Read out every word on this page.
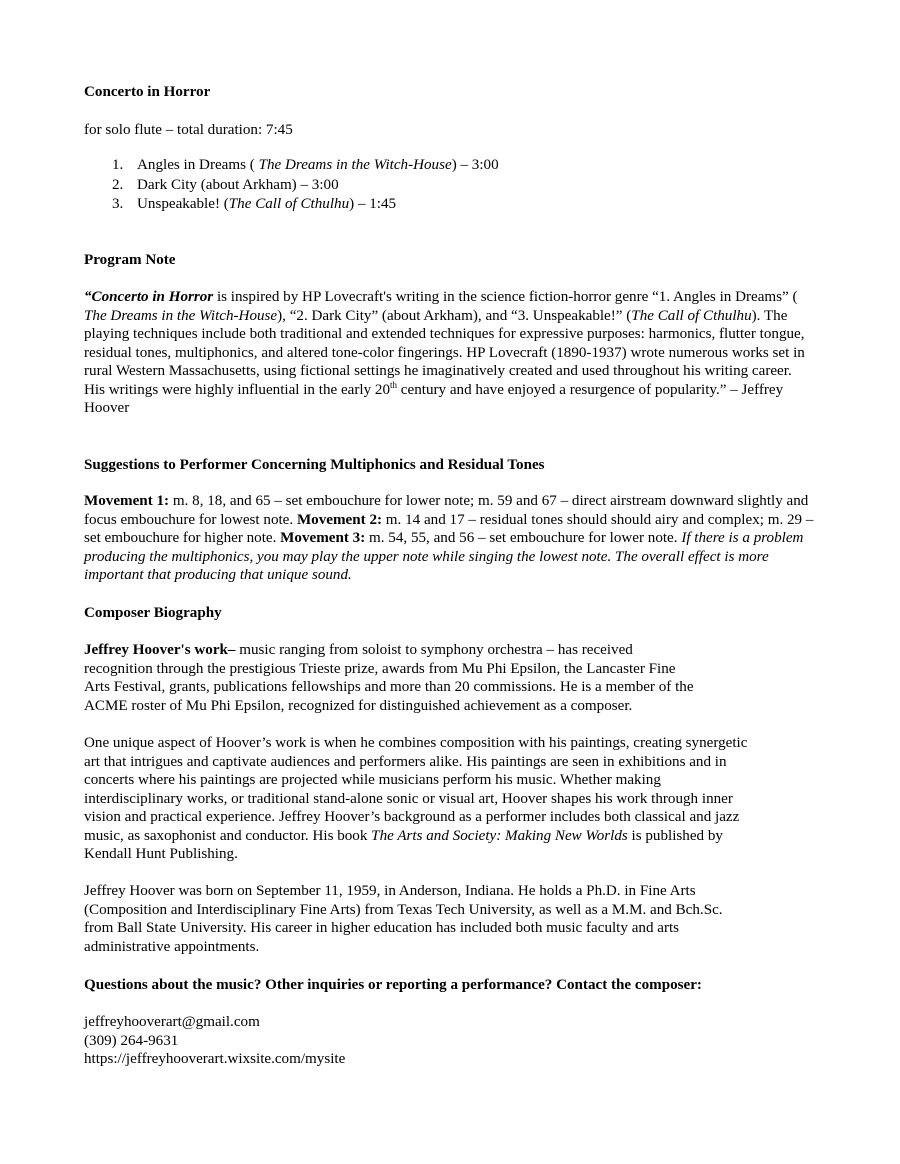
Concerto in Horror

for solo flute – total duration: 7:45

1. Angles in Dreams ( The Dreams in the Witch-House) – 3:00
2. Dark City (about Arkham) – 3:00
3. Unspeakable! (The Call of Cthulhu) – 1:45

Program Note

“Concerto in Horror is inspired by HP Lovecraft's writing in the science fiction-horror genre “1. Angles in Dreams” ( The Dreams in the Witch-House), “2. Dark City” (about Arkham), and “3. Unspeakable!” (The Call of Cthulhu). The playing techniques include both traditional and extended techniques for expressive purposes: harmonics, flutter tongue, residual tones, multiphonics, and altered tone-color fingerings. HP Lovecraft (1890-1937) wrote numerous works set in rural Western Massachusetts, using fictional settings he imaginatively created and used throughout his writing career. His writings were highly influential in the early 20th century and have enjoyed a resurgence of popularity.” – Jeffrey Hoover

Suggestions to Performer Concerning Multiphonics and Residual Tones

Movement 1: m. 8, 18, and 65 – set embouchure for lower note; m. 59 and 67 – direct airstream downward slightly and focus embouchure for lowest note. Movement 2: m. 14 and 17 – residual tones should should airy and complex; m. 29 – set embouchure for higher note. Movement 3: m. 54, 55, and 56 – set embouchure for lower note. If there is a problem producing the multiphonics, you may play the upper note while singing the lowest note. The overall effect is more important that producing that unique sound.

Composer Biography

Jeffrey Hoover's work– music ranging from soloist to symphony orchestra – has received recognition through the prestigious Trieste prize, awards from Mu Phi Epsilon, the Lancaster Fine Arts Festival, grants, publications fellowships and more than 20 commissions. He is a member of the ACME roster of Mu Phi Epsilon, recognized for distinguished achievement as a composer.

One unique aspect of Hoover’s work is when he combines composition with his paintings, creating synergetic art that intrigues and captivate audiences and performers alike. His paintings are seen in exhibitions and in concerts where his paintings are projected while musicians perform his music. Whether making interdisciplinary works, or traditional stand-alone sonic or visual art, Hoover shapes his work through inner vision and practical experience. Jeffrey Hoover’s background as a performer includes both classical and jazz music, as saxophonist and conductor. His book The Arts and Society: Making New Worlds is published by Kendall Hunt Publishing.

Jeffrey Hoover was born on September 11, 1959, in Anderson, Indiana. He holds a Ph.D. in Fine Arts (Composition and Interdisciplinary Fine Arts) from Texas Tech University, as well as a M.M. and Bch.Sc. from Ball State University. His career in higher education has included both music faculty and arts administrative appointments.

Questions about the music? Other inquiries or reporting a performance? Contact the composer:

jeffreyhooverart@gmail.com
(309) 264-9631
https://jeffreyhooverart.wixsite.com/mysite
